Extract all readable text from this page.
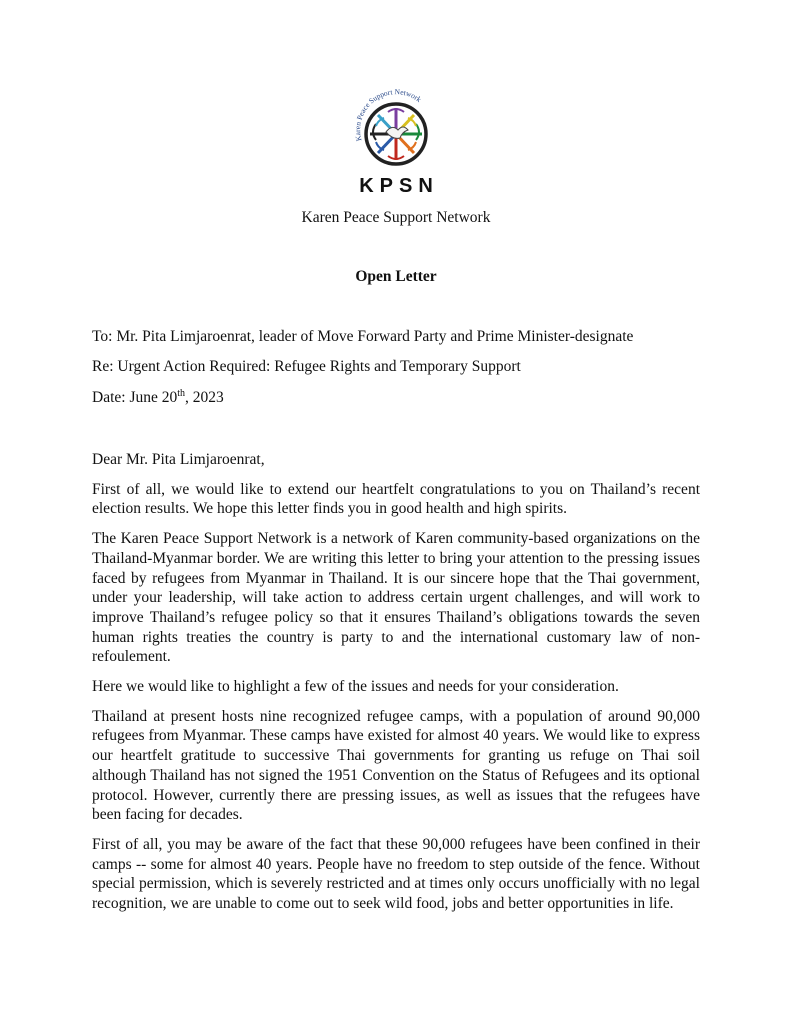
Karen Peace Support Network
KPSN
Karen Peace Support Network
Open Letter
To: Mr. Pita Limjaroenrat, leader of Move Forward Party and Prime Minister-designate
Re: Urgent Action Required: Refugee Rights and Temporary Support
Date: June 20th, 2023

Dear Mr. Pita Limjaroenrat,

First of all, we would like to extend our heartfelt congratulations to you on Thailand’s recent election results. We hope this letter finds you in good health and high spirits.

The Karen Peace Support Network is a network of Karen community-based organizations on the Thailand-Myanmar border. We are writing this letter to bring your attention to the pressing issues faced by refugees from Myanmar in Thailand. It is our sincere hope that the Thai government, under your leadership, will take action to address certain urgent challenges, and will work to improve Thailand’s refugee policy so that it ensures Thailand’s obligations towards the seven human rights treaties the country is party to and the international customary law of non-refoulement.

Here we would like to highlight a few of the issues and needs for your consideration.

Thailand at present hosts nine recognized refugee camps, with a population of around 90,000 refugees from Myanmar. These camps have existed for almost 40 years. We would like to express our heartfelt gratitude to successive Thai governments for granting us refuge on Thai soil although Thailand has not signed the 1951 Convention on the Status of Refugees and its optional protocol. However, currently there are pressing issues, as well as issues that the refugees have been facing for decades.

First of all, you may be aware of the fact that these 90,000 refugees have been confined in their camps -- some for almost 40 years. People have no freedom to step outside of the fence. Without special permission, which is severely restricted and at times only occurs unofficially with no legal recognition, we are unable to come out to seek wild food, jobs and better opportunities in life.
